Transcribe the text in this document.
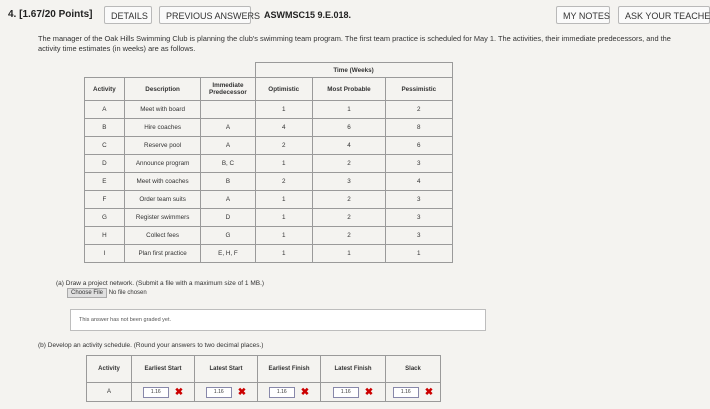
4. [1.67/20 Points]	DETAILS	PREVIOUS ANSWERS ASWMSC15 9.E.018.	MY NOTES	ASK YOUR TEACHE
The manager of the Oak Hills Swimming Club is planning the club's swimming team program. The first team practice is scheduled for May 1. The activities, their immediate predecessors, and the activity time estimates (in weeks) are as follows.
			Time (Weeks)		
Activity	Description	Immediate Predecessor	Optimistic	Most Probable	Pessimistic
A	Meet with board		1	1	2
B	Hire coaches	A	4	6	8
C	Reserve pool	A	2	4	6
D	Announce program	B, C	1	2	3
E	Meet with coaches	B	2	3	4
F	Order team suits	A	1	2	3
G	Register swimmers	D	1	2	3
H	Collect fees	G	1	2	3
I	Plan first practice	E, H, F	1	1	1
(a) Draw a project network. (Submit a file with a maximum size of 1 MB.)
Choose File No file chosen
This answer has not been graded yet.
(b) Develop an activity schedule. (Round your answers to two decimal places.)
Activity	Earliest Start	Latest Start	Earliest Finish	Latest Finish	Slack
A	1.16 ✖	1.16 ✖	1.16 ✖	1.16 ✖	1.16 ✖
